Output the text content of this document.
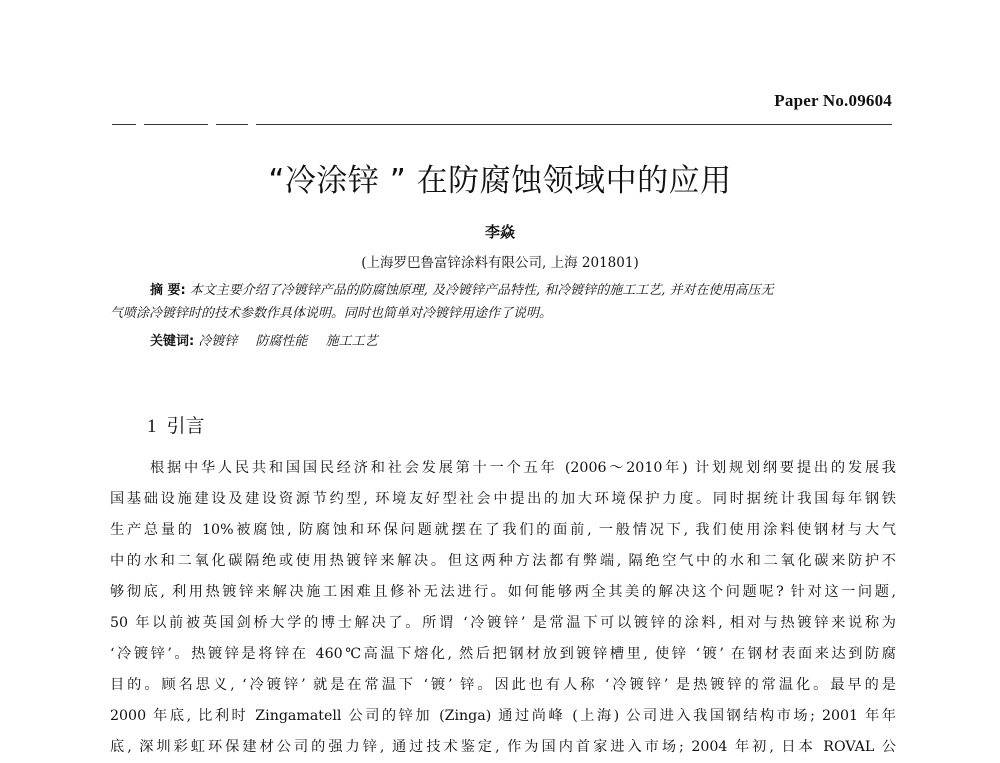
Paper No.09604
“冷涂锌 ” 在防腐蚀领域中的应用
李焱
(上海罗巴鲁富锌涂料有限公司, 上海 201801)
摘 要: 本文主要介绍了冷镀锌产品的防腐蚀原理, 及冷镀锌产品特性, 和冷镀锌的施工工艺, 并对在使用高压无
气喷涂冷镀锌时的技术参数作具体说明。同时也简单对冷镀锌用途作了说明。
关键词: 冷镀锌 防腐性能 施工工艺
1 引言
根据中华人民共和国国民经济和社会发展第十一个五年 (2006～2010年) 计划规划纲要提出的发展我
国基础设施建设及建设资源节约型, 环境友好型社会中提出的加大环境保护力度。同时据统计我国每年钢铁
生产总量的 10%被腐蚀, 防腐蚀和环保问题就摆在了我们的面前, 一般情况下, 我们使用涂料使钢材与大气
中的水和二氧化碳隔绝或使用热镀锌来解决。但这两种方法都有弊端, 隔绝空气中的水和二氧化碳来防护不
够彻底, 利用热镀锌来解决施工困难且修补无法进行。如何能够两全其美的解决这个问题呢? 针对这一问题,
50 年以前被英国剑桥大学的博士解决了。所谓 ‘冷镀锌’ 是常温下可以镀锌的涂料, 相对与热镀锌来说称为
‘冷镀锌’。热镀锌是将锌在 460℃高温下熔化, 然后把钢材放到镀锌槽里, 使锌 ‘镀’ 在钢材表面来达到防腐
目的。顾名思义, ‘冷镀锌’ 就是在常温下 ‘镀’ 锌。因此也有人称 ‘冷镀锌’ 是热镀锌的常温化。最早的是
2000 年底, 比利时 Zingamatell 公司的锌加 (Zinga) 通过尚峰 (上海) 公司进入我国钢结构市场; 2001 年年
底, 深圳彩虹环保建材公司的强力锌, 通过技术鉴定, 作为国内首家进入市场; 2004 年初, 日本 ROVAL 公
